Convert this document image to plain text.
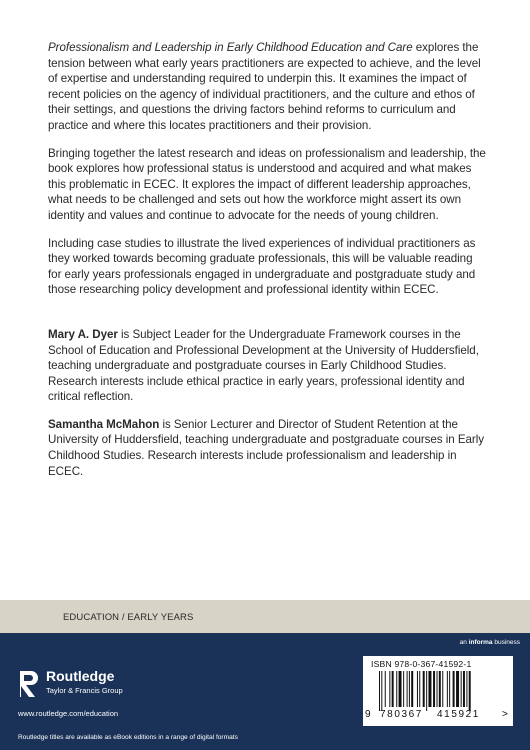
Professionalism and Leadership in Early Childhood Education and Care explores the tension between what early years practitioners are expected to achieve, and the level of expertise and understanding required to underpin this. It examines the impact of recent policies on the agency of individual practitioners, and the culture and ethos of their settings, and questions the driving factors behind reforms to curriculum and practice and where this locates practitioners and their provision.

Bringing together the latest research and ideas on professionalism and leadership, the book explores how professional status is understood and acquired and what makes this problematic in ECEC. It explores the impact of different leadership approaches, what needs to be challenged and sets out how the workforce might assert its own identity and values and continue to advocate for the needs of young children.

Including case studies to illustrate the lived experiences of individual practitioners as they worked towards becoming graduate professionals, this will be valuable reading for early years professionals engaged in undergraduate and postgraduate study and those researching policy development and professional identity within ECEC.

Mary A. Dyer is Subject Leader for the Undergraduate Framework courses in the School of Education and Professional Development at the University of Huddersfield, teaching undergraduate and postgraduate courses in Early Childhood Studies. Research interests include ethical practice in early years, professional identity and critical reflection.

Samantha McMahon is Senior Lecturer and Director of Student Retention at the University of Huddersfield, teaching undergraduate and postgraduate courses in Early Childhood Studies. Research interests include professionalism and leadership in ECEC.

EDUCATION / EARLY YEARS
an informa business
Routledge
Taylor & Francis Group
www.routledge.com/education
Routledge titles are available as eBook editions in a range of digital formats
ISBN 978-0-367-41592-1
9 780367 415921 >
